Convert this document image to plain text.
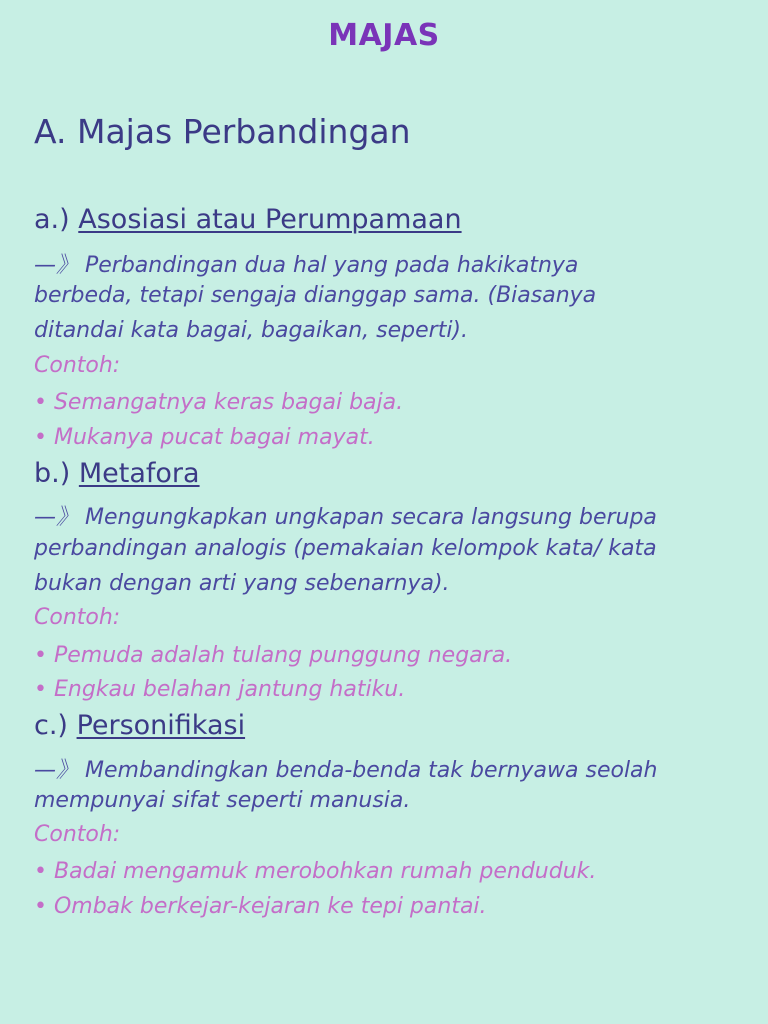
MAJAS
A. Majas Perbandingan
a.) Asosiasi atau Perumpamaan
—》 Perbandingan dua hal yang pada hakikatnya
berbeda, tetapi sengaja dianggap sama. (Biasanya
ditandai kata bagai, bagaikan, seperti).
Contoh:
• Semangatnya keras bagai baja.
• Mukanya pucat bagai mayat.
b.) Metafora
—》 Mengungkapkan ungkapan secara langsung berupa
perbandingan analogis (pemakaian kelompok kata/ kata
bukan dengan arti yang sebenarnya).
Contoh:
• Pemuda adalah tulang punggung negara.
• Engkau belahan jantung hatiku.
c.) Personifikasi
—》 Membandingkan benda-benda tak bernyawa seolah
mempunyai sifat seperti manusia.
Contoh:
• Badai mengamuk merobohkan rumah penduduk.
• Ombak berkejar-kejaran ke tepi pantai.
